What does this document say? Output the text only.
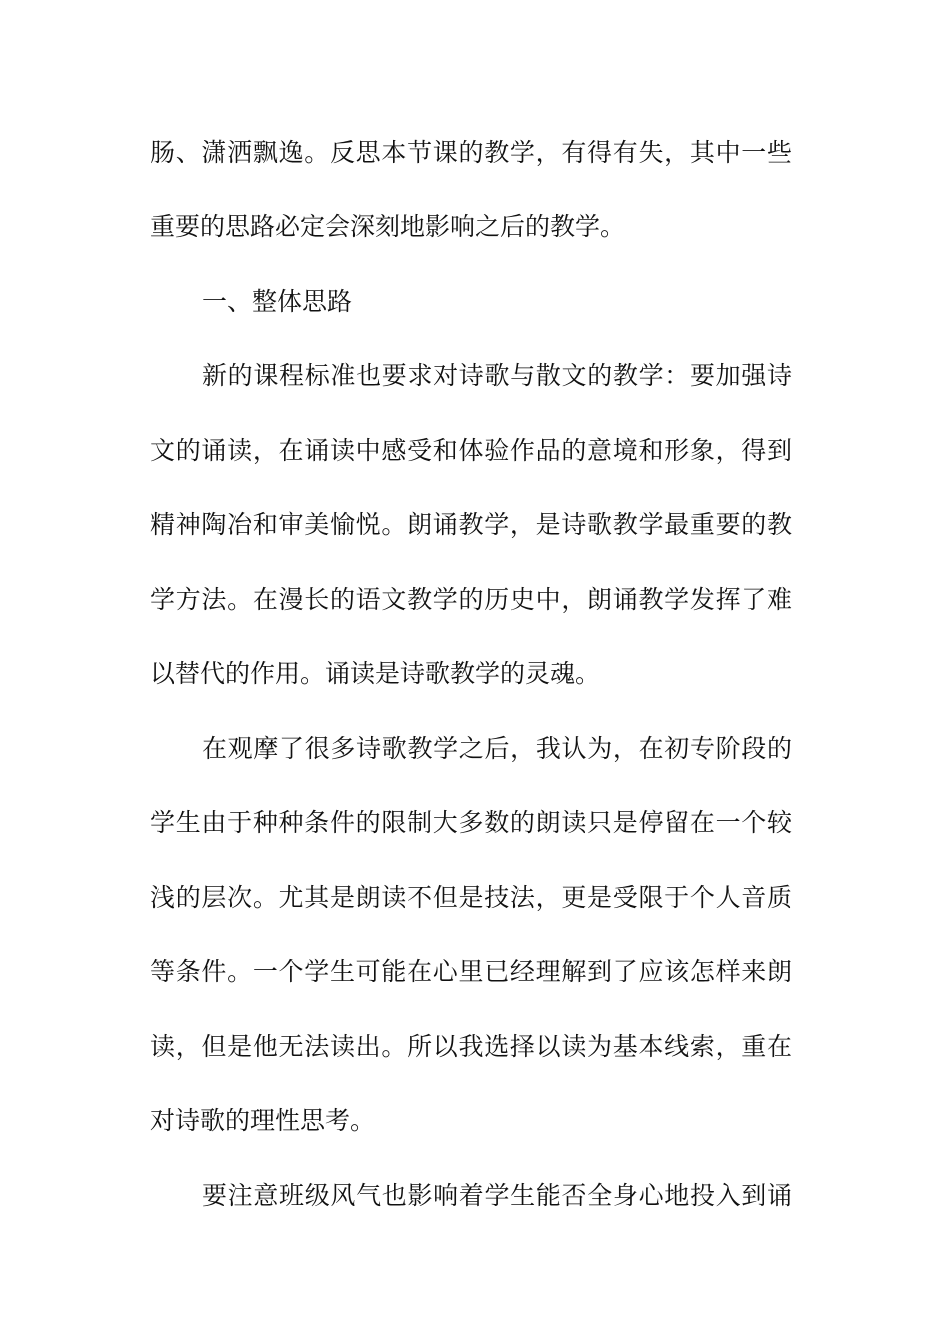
肠、潇洒飘逸。反思本节课的教学，有得有失，其中一些
重要的思路必定会深刻地影响之后的教学。
一、整体思路
新的课程标准也要求对诗歌与散文的教学：要加强诗
文的诵读，在诵读中感受和体验作品的意境和形象，得到
精神陶冶和审美愉悦。朗诵教学，是诗歌教学最重要的教
学方法。在漫长的语文教学的历史中，朗诵教学发挥了难
以替代的作用。诵读是诗歌教学的灵魂。
在观摩了很多诗歌教学之后，我认为，在初专阶段的
学生由于种种条件的限制大多数的朗读只是停留在一个较
浅的层次。尤其是朗读不但是技法，更是受限于个人音质
等条件。一个学生可能在心里已经理解到了应该怎样来朗
读，但是他无法读出。所以我选择以读为基本线索，重在
对诗歌的理性思考。
要注意班级风气也影响着学生能否全身心地投入到诵
